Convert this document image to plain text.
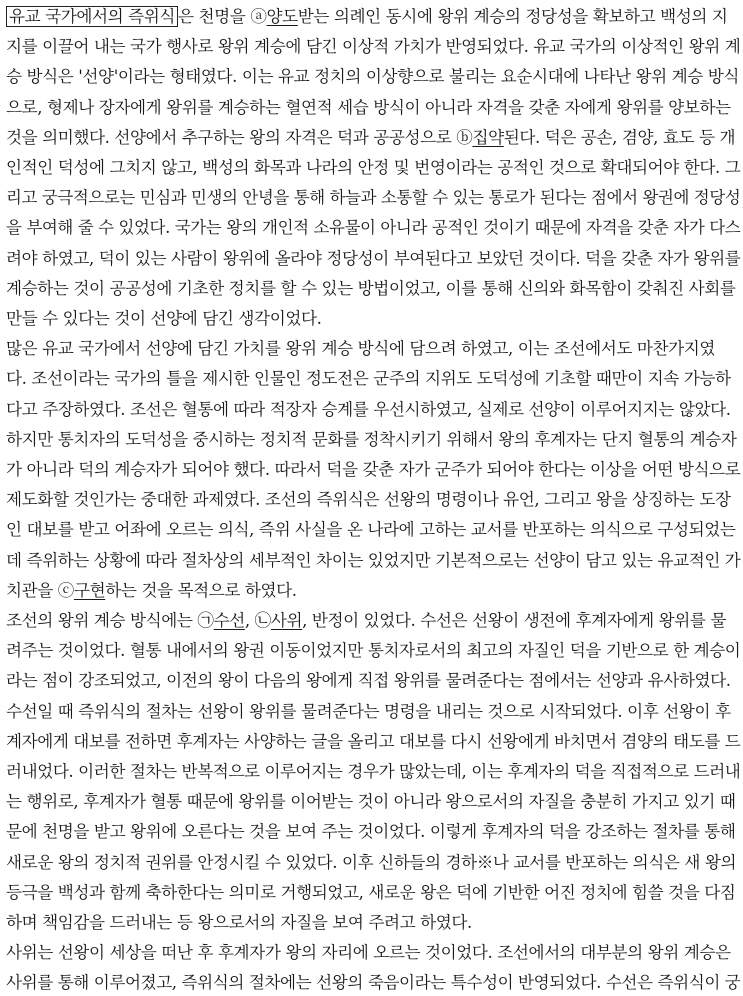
유교 국가에서의 즉위식 은 천명을 ⓐ양도받는 의례인 동시에 왕위 계승의 정당성을 확보하고 백성의 지
지를 이끌어 내는 국가 행사로 왕위 계승에 담긴 이상적 가치가 반영되었다. 유교 국가의 이상적인 왕위 계
승 방식은 '선양'이라는 형태였다. 이는 유교 정치의 이상향으로 불리는 요순시대에 나타난 왕위 계승 방식
으로, 형제나 장자에게 왕위를 계승하는 혈연적 세습 방식이 아니라 자격을 갖춘 자에게 왕위를 양보하는
것을 의미했다. 선양에서 추구하는 왕의 자격은 덕과 공공성으로 ⓑ집약된다. 덕은 공손, 겸양, 효도 등 개
인적인 덕성에 그치지 않고, 백성의 화목과 나라의 안정 및 번영이라는 공적인 것으로 확대되어야 한다. 그
리고 궁극적으로는 민심과 민생의 안녕을 통해 하늘과 소통할 수 있는 통로가 된다는 점에서 왕권에 정당성
을 부여해 줄 수 있었다. 국가는 왕의 개인적 소유물이 아니라 공적인 것이기 때문에 자격을 갖춘 자가 다스
려야 하였고, 덕이 있는 사람이 왕위에 올라야 정당성이 부여된다고 보았던 것이다. 덕을 갖춘 자가 왕위를
계승하는 것이 공공성에 기초한 정치를 할 수 있는 방법이었고, 이를 통해 신의와 화목함이 갖춰진 사회를
만들 수 있다는 것이 선양에 담긴 생각이었다.
많은 유교 국가에서 선양에 담긴 가치를 왕위 계승 방식에 담으려 하였고, 이는 조선에서도 마찬가지였
다. 조선이라는 국가의 틀을 제시한 인물인 정도전은 군주의 지위도 도덕성에 기초할 때만이 지속 가능하
다고 주장하였다. 조선은 혈통에 따라 적장자 승계를 우선시하였고, 실제로 선양이 이루어지지는 않았다.
하지만 통치자의 도덕성을 중시하는 정치적 문화를 정착시키기 위해서 왕의 후계자는 단지 혈통의 계승자
가 아니라 덕의 계승자가 되어야 했다. 따라서 덕을 갖춘 자가 군주가 되어야 한다는 이상을 어떤 방식으로
제도화할 것인가는 중대한 과제였다. 조선의 즉위식은 선왕의 명령이나 유언, 그리고 왕을 상징하는 도장
인 대보를 받고 어좌에 오르는 의식, 즉위 사실을 온 나라에 고하는 교서를 반포하는 의식으로 구성되었는
데 즉위하는 상황에 따라 절차상의 세부적인 차이는 있었지만 기본적으로는 선양이 담고 있는 유교적인 가
치관을 ⓒ구현하는 것을 목적으로 하였다.
조선의 왕위 계승 방식에는 ㉠수선, ㉡사위, 반정이 있었다. 수선은 선왕이 생전에 후계자에게 왕위를 물
려주는 것이었다. 혈통 내에서의 왕권 이동이었지만 통치자로서의 최고의 자질인 덕을 기반으로 한 계승이
라는 점이 강조되었고, 이전의 왕이 다음의 왕에게 직접 왕위를 물려준다는 점에서는 선양과 유사하였다.
수선일 때 즉위식의 절차는 선왕이 왕위를 물려준다는 명령을 내리는 것으로 시작되었다. 이후 선왕이 후
계자에게 대보를 전하면 후계자는 사양하는 글을 올리고 대보를 다시 선왕에게 바치면서 겸양의 태도를 드
러내었다. 이러한 절차는 반복적으로 이루어지는 경우가 많았는데, 이는 후계자의 덕을 직접적으로 드러내
는 행위로, 후계자가 혈통 때문에 왕위를 이어받는 것이 아니라 왕으로서의 자질을 충분히 가지고 있기 때
문에 천명을 받고 왕위에 오른다는 것을 보여 주는 것이었다. 이렇게 후계자의 덕을 강조하는 절차를 통해
새로운 왕의 정치적 권위를 안정시킬 수 있었다. 이후 신하들의 경하※나 교서를 반포하는 의식은 새 왕의
등극을 백성과 함께 축하한다는 의미로 거행되었고, 새로운 왕은 덕에 기반한 어진 정치에 힘쓸 것을 다짐
하며 책임감을 드러내는 등 왕으로서의 자질을 보여 주려고 하였다.
사위는 선왕이 세상을 떠난 후 후계자가 왕의 자리에 오르는 것이었다. 조선에서의 대부분의 왕위 계승은
사위를 통해 이루어졌고, 즉위식의 절차에는 선왕의 죽음이라는 특수성이 반영되었다. 수선은 즉위식이 궁
